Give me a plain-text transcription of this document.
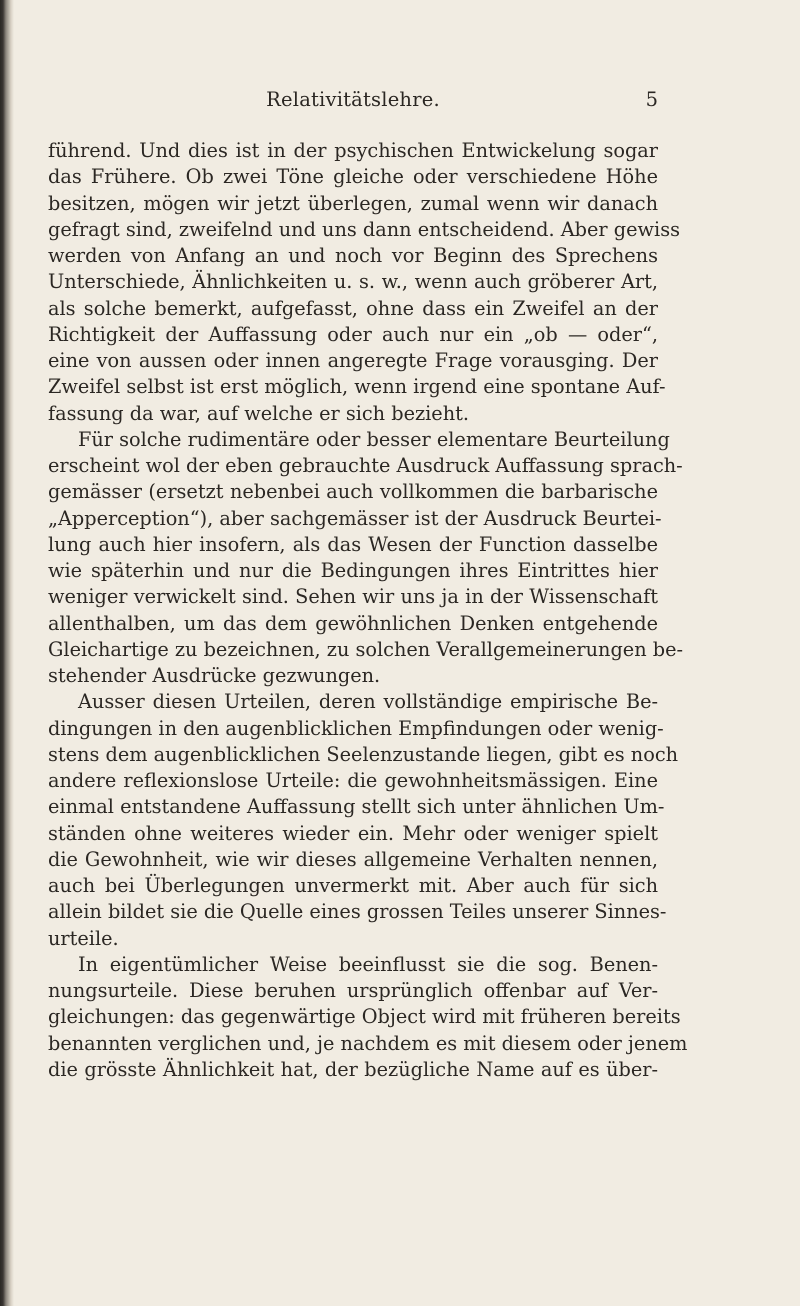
Relativitätslehre.	5
führend. Und dies ist in der psychischen Entwickelung sogar
das Frühere. Ob zwei Töne gleiche oder verschiedene Höhe
besitzen, mögen wir jetzt überlegen, zumal wenn wir danach
gefragt sind, zweifelnd und uns dann entscheidend. Aber gewiss
werden von Anfang an und noch vor Beginn des Sprechens
Unterschiede, Ähnlichkeiten u. s. w., wenn auch gröberer Art,
als solche bemerkt, aufgefasst, ohne dass ein Zweifel an der
Richtigkeit der Auffassung oder auch nur ein „ob — oder“,
eine von aussen oder innen angeregte Frage vorausging. Der
Zweifel selbst ist erst möglich, wenn irgend eine spontane Auf-
fassung da war, auf welche er sich bezieht.
Für solche rudimentäre oder besser elementare Beurteilung
erscheint wol der eben gebrauchte Ausdruck Auffassung sprach-
gemässer (ersetzt nebenbei auch vollkommen die barbarische
„Apperception“), aber sachgemässer ist der Ausdruck Beurtei-
lung auch hier insofern, als das Wesen der Function dasselbe
wie späterhin und nur die Bedingungen ihres Eintrittes hier
weniger verwickelt sind. Sehen wir uns ja in der Wissenschaft
allenthalben, um das dem gewöhnlichen Denken entgehende
Gleichartige zu bezeichnen, zu solchen Verallgemeinerungen be-
stehender Ausdrücke gezwungen.
Ausser diesen Urteilen, deren vollständige empirische Be-
dingungen in den augenblicklichen Empfindungen oder wenig-
stens dem augenblicklichen Seelenzustande liegen, gibt es noch
andere reflexionslose Urteile: die gewohnheitsmässigen. Eine
einmal entstandene Auffassung stellt sich unter ähnlichen Um-
ständen ohne weiteres wieder ein. Mehr oder weniger spielt
die Gewohnheit, wie wir dieses allgemeine Verhalten nennen,
auch bei Überlegungen unvermerkt mit. Aber auch für sich
allein bildet sie die Quelle eines grossen Teiles unserer Sinnes-
urteile.
In eigentümlicher Weise beeinflusst sie die sog. Benen-
nungsurteile. Diese beruhen ursprünglich offenbar auf Ver-
gleichungen: das gegenwärtige Object wird mit früheren bereits
benannten verglichen und, je nachdem es mit diesem oder jenem
die grösste Ähnlichkeit hat, der bezügliche Name auf es über-
